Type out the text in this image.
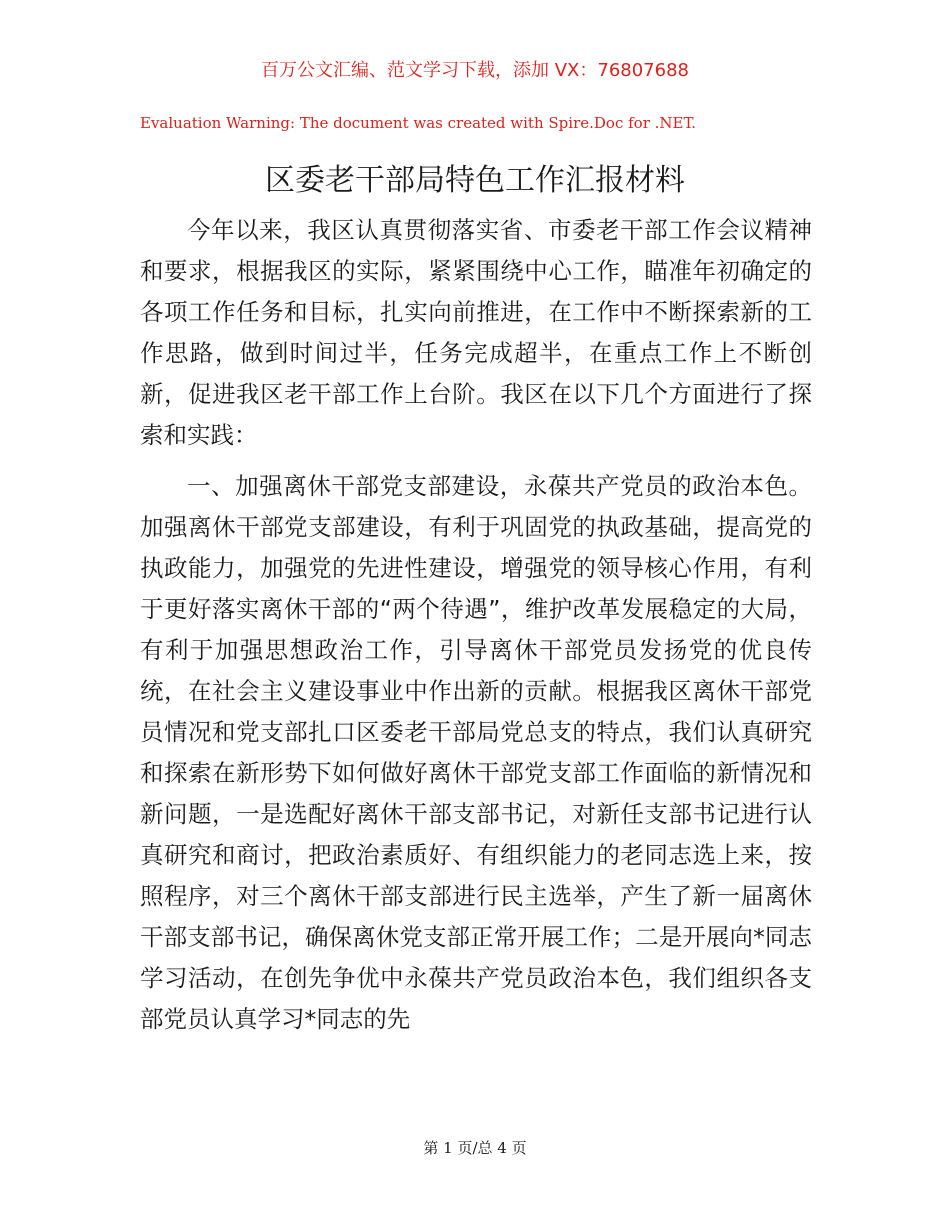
百万公文汇编、范文学习下载，添加 VX：76807688
Evaluation Warning: The document was created with Spire.Doc for .NET.
区委老干部局特色工作汇报材料

今年以来，我区认真贯彻落实省、市委老干部工作会议精神和要求，根据我区的实际，紧紧围绕中心工作，瞄准年初确定的各项工作任务和目标，扎实向前推进，在工作中不断探索新的工作思路，做到时间过半，任务完成超半，在重点工作上不断创新，促进我区老干部工作上台阶。我区在以下几个方面进行了探索和实践：

一、加强离休干部党支部建设，永葆共产党员的政治本色。加强离休干部党支部建设，有利于巩固党的执政基础，提高党的执政能力，加强党的先进性建设，增强党的领导核心作用，有利于更好落实离休干部的“两个待遇”，维护改革发展稳定的大局，有利于加强思想政治工作，引导离休干部党员发扬党的优良传统，在社会主义建设事业中作出新的贡献。根据我区离休干部党员情况和党支部扎口区委老干部局党总支的特点，我们认真研究和探索在新形势下如何做好离休干部党支部工作面临的新情况和新问题，一是选配好离休干部支部书记，对新任支部书记进行认真研究和商讨，把政治素质好、有组织能力的老同志选上来，按照程序，对三个离休干部支部进行民主选举，产生了新一届离休干部支部书记，确保离休党支部正常开展工作；二是开展向*同志学习活动，在创先争优中永葆共产党员政治本色，我们组织各支部党员认真学习*同志的先

第 1 页/总 4 页
